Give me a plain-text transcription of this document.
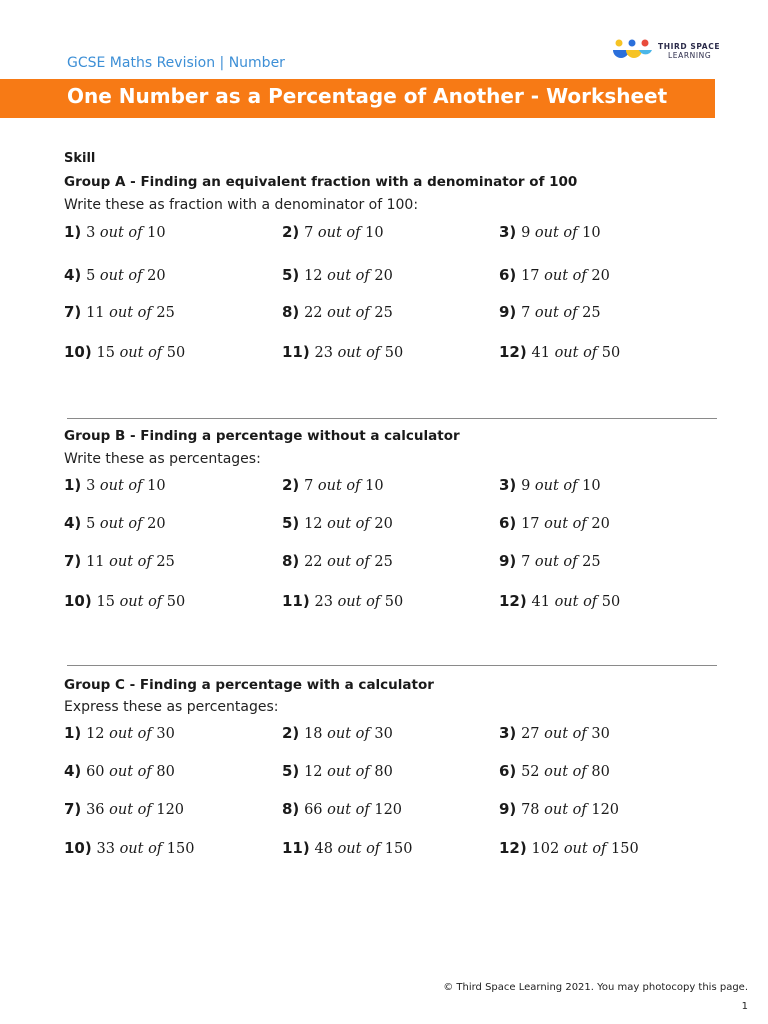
GCSE Maths Revision | Number
THIRD SPACE
LEARNING
One Number as a Percentage of Another - Worksheet
Skill
Group A - Finding an equivalent fraction with a denominator of 100
Write these as fraction with a denominator of 100:
1) 3 out of 10	2) 7 out of 10	3) 9 out of 10
4) 5 out of 20	5) 12 out of 20	6) 17 out of 20
7) 11 out of 25	8) 22 out of 25	9) 7 out of 25
10) 15 out of 50	11) 23 out of 50	12) 41 out of 50
Group B - Finding a percentage without a calculator
Write these as percentages:
1) 3 out of 10	2) 7 out of 10	3) 9 out of 10
4) 5 out of 20	5) 12 out of 20	6) 17 out of 20
7) 11 out of 25	8) 22 out of 25	9) 7 out of 25
10) 15 out of 50	11) 23 out of 50	12) 41 out of 50
Group C - Finding a percentage with a calculator
Express these as percentages:
1) 12 out of 30	2) 18 out of 30	3) 27 out of 30
4) 60 out of 80	5) 12 out of 80	6) 52 out of 80
7) 36 out of 120	8) 66 out of 120	9) 78 out of 120
10) 33 out of 150	11) 48 out of 150	12) 102 out of 150
© Third Space Learning 2021. You may photocopy this page.
1
